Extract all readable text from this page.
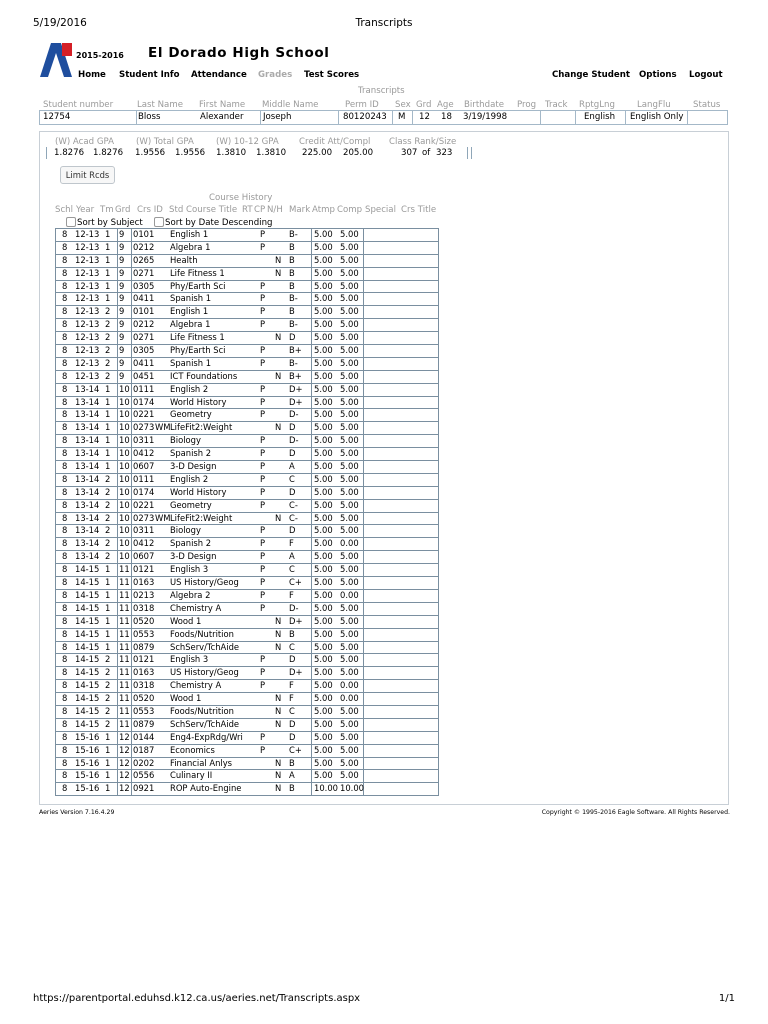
5/19/2016	Transcripts
2015-2016 El Dorado High School
Home Student Info Attendance Grades Test Scores	Change Student Options Logout
Transcripts
Student number	Last Name First Name Middle Name	Perm ID Sex Grd Age Birthdate Prog Track RptgLng	LangFlu	Status
12754	Bloss	Alexander Joseph	80120243 M 12 18 3/19/1998	English English Only
(W) Acad GPA	(W) Total GPA	(W) 10-12 GPA Credit Att/Compl Class Rank/Size
1.8276 1.8276 1.9556 1.9556 1.3810 1.3810 225.00 205.00	307 of 323
Limit Rcds
Course History
Schl Year Tm Grd Crs ID Std Course Title RT CP N/H Mark Atmp Comp Special Crs Title
Sort by Subject	Sort by Date Descending
8 12-13 1 9 0101 English 1	P	B- 5.00 5.00
8 12-13 1 9 0212 Algebra 1	P	B 5.00 5.00
8 12-13 1 9 0265 Health	N B 5.00 5.00
8 12-13 1 9 0271 Life Fitness 1	N B 5.00 5.00
8 12-13 1 9 0305 Phy/Earth Sci	P	B 5.00 5.00
8 12-13 1 9 0411 Spanish 1	P	B- 5.00 5.00
8 12-13 2 9 0101 English 1	P	B 5.00 5.00
8 12-13 2 9 0212 Algebra 1	P	B- 5.00 5.00
8 12-13 2 9 0271 Life Fitness 1	N D 5.00 5.00
8 12-13 2 9 0305 Phy/Earth Sci	P	B+ 5.00 5.00
8 12-13 2 9 0411 Spanish 1	P	B- 5.00 5.00
8 12-13 2 9 0451 ICT Foundations	N B+ 5.00 5.00
8 13-14 1 10 0111 English 2	P	D+ 5.00 5.00
8 13-14 1 10 0174 World History	P	D+ 5.00 5.00
8 13-14 1 10 0221 Geometry	P	D- 5.00 5.00
8 13-14 1 10 0273 WM LifeFit2:Weight	N D 5.00 5.00
8 13-14 1 10 0311 Biology	P	D- 5.00 5.00
8 13-14 1 10 0412 Spanish 2	P	D 5.00 5.00
8 13-14 1 10 0607 3-D Design	P	A 5.00 5.00
8 13-14 2 10 0111 English 2	P	C 5.00 5.00
8 13-14 2 10 0174 World History	P	D 5.00 5.00
8 13-14 2 10 0221 Geometry	P	C- 5.00 5.00
8 13-14 2 10 0273 WM LifeFit2:Weight	N C- 5.00 5.00
8 13-14 2 10 0311 Biology	P	D 5.00 5.00
8 13-14 2 10 0412 Spanish 2	P	F 5.00 0.00
8 13-14 2 10 0607 3-D Design	P	A 5.00 5.00
8 14-15 1 11 0121 English 3	P	C 5.00 5.00
8 14-15 1 11 0163 US History/Geog	P	C+ 5.00 5.00
8 14-15 1 11 0213 Algebra 2	P	F 5.00 0.00
8 14-15 1 11 0318 Chemistry A	P	D- 5.00 5.00
8 14-15 1 11 0520 Wood 1	N D+ 5.00 5.00
8 14-15 1 11 0553 Foods/Nutrition	N B 5.00 5.00
8 14-15 1 11 0879 SchServ/TchAide	N C 5.00 5.00
8 14-15 2 11 0121 English 3	P	D 5.00 5.00
8 14-15 2 11 0163 US History/Geog	P	D+ 5.00 5.00
8 14-15 2 11 0318 Chemistry A	P	F 5.00 0.00
8 14-15 2 11 0520 Wood 1	N F 5.00 0.00
8 14-15 2 11 0553 Foods/Nutrition	N C 5.00 5.00
8 14-15 2 11 0879 SchServ/TchAide	N D 5.00 5.00
8 15-16 1 12 0144 Eng4-ExpRdg/Wri P	D 5.00 5.00
8 15-16 1 12 0187 Economics	P	C+ 5.00 5.00
8 15-16 1 12 0202 Financial Anlys	N B 5.00 5.00
8 15-16 1 12 0556 Culinary II	N A 5.00 5.00
8 15-16 1 12 0921 ROP Auto-Engine	N B 10.00 10.00
Aeries Version 7.16.4.29	Copyright © 1995-2016 Eagle Software. All Rights Reserved.
https://parentportal.eduhsd.k12.ca.us/aeries.net/Transcripts.aspx	1/1
